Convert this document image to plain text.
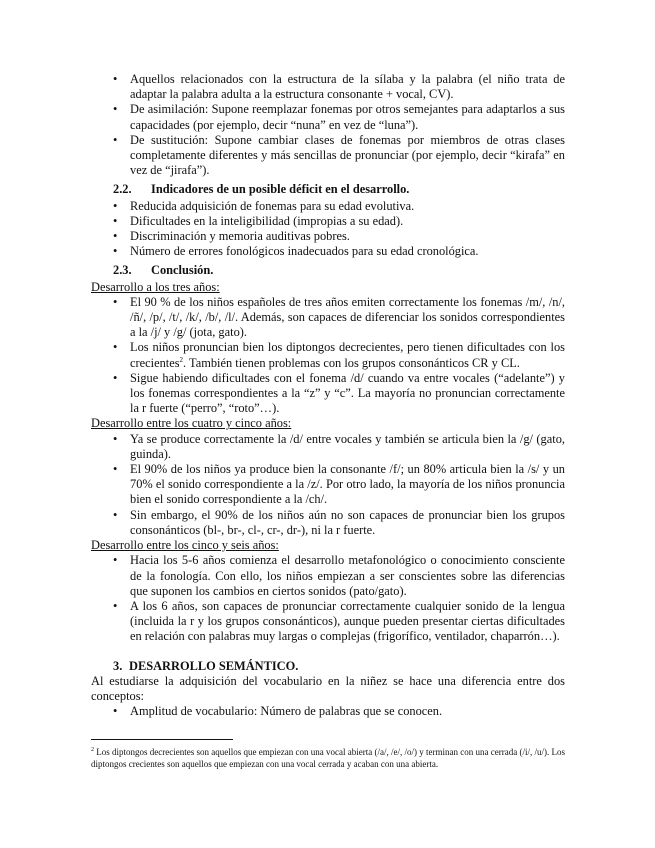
• Aquellos relacionados con la estructura de la sílaba y la palabra (el niño trata de adaptar la palabra adulta a la estructura consonante + vocal, CV).
• De asimilación: Supone reemplazar fonemas por otros semejantes para adaptarlos a sus capacidades (por ejemplo, decir “nuna” en vez de “luna”).
• De sustitución: Supone cambiar clases de fonemas por miembros de otras clases completamente diferentes y más sencillas de pronunciar (por ejemplo, decir “kirafa” en vez de “jirafa”).
2.2. Indicadores de un posible déficit en el desarrollo.
• Reducida adquisición de fonemas para su edad evolutiva.
• Dificultades en la inteligibilidad (impropias a su edad).
• Discriminación y memoria auditivas pobres.
• Número de errores fonológicos inadecuados para su edad cronológica.
2.3. Conclusión.
Desarrollo a los tres años:
• El 90 % de los niños españoles de tres años emiten correctamente los fonemas /m/, /n/, /ñ/, /p/, /t/, /k/, /b/, /l/. Además, son capaces de diferenciar los sonidos correspondientes a la /j/ y /g/ (jota, gato).
• Los niños pronuncian bien los diptongos decrecientes, pero tienen dificultades con los crecientes$^2$. También tienen problemas con los grupos consonánticos CR y CL.
• Sigue habiendo dificultades con el fonema /d/ cuando va entre vocales (“adelante”) y los fonemas correspondientes a la “z” y “c”. La mayoría no pronuncian correctamente la r fuerte (“perro”, “roto”…).
Desarrollo entre los cuatro y cinco años:
• Ya se produce correctamente la /d/ entre vocales y también se articula bien la /g/ (gato, guinda).
• El 90% de los niños ya produce bien la consonante /f/; un 80% articula bien la /s/ y un 70% el sonido correspondiente a la /z/. Por otro lado, la mayoría de los niños pronuncia bien el sonido correspondiente a la /ch/.
• Sin embargo, el 90% de los niños aún no son capaces de pronunciar bien los grupos consonánticos (bl-, br-, cl-, cr-, dr-), ni la r fuerte.
Desarrollo entre los cinco y seis años:
• Hacia los 5-6 años comienza el desarrollo metafonológico o conocimiento consciente de la fonología. Con ello, los niños empiezan a ser conscientes sobre las diferencias que suponen los cambios en ciertos sonidos (pato/gato).
• A los 6 años, son capaces de pronunciar correctamente cualquier sonido de la lengua (incluida la r y los grupos consonánticos), aunque pueden presentar ciertas dificultades en relación con palabras muy largas o complejas (frigorífico, ventilador, chaparrón…).
3. DESARROLLO SEMÁNTICO.

Al estudiarse la adquisición del vocabulario en la niñez se hace una diferencia entre dos conceptos:

• Amplitud de vocabulario: Número de palabras que se conocen.
$^2$ Los diptongos decrecientes son aquellos que empiezan con una vocal abierta (/a/, /e/, /o/) y terminan con una cerrada (/i/, /u/). Los diptongos crecientes son aquellos que empiezan con una vocal cerrada y acaban con una abierta.
